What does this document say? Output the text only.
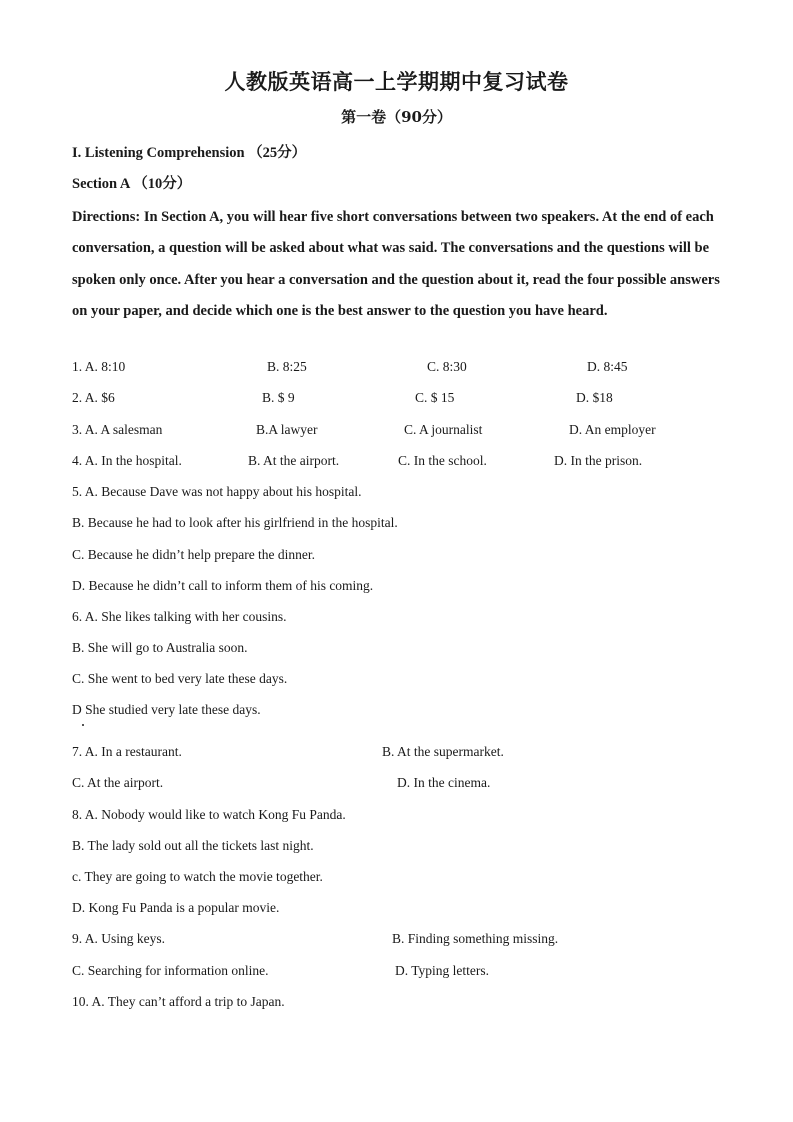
人教版英语高一上学期期中复习试卷
第一卷（90分）
I. Listening Comprehension （25分）
Section A （10分）
Directions: In Section A, you will hear five short conversations between two speakers. At the end of each conversation, a question will be asked about what was said. The conversations and the questions will be spoken only once. After you hear a conversation and the question about it, read the four possible answers on your paper, and decide which one is the best answer to the question you have heard.
1. A. 8:10	B. 8:25	C. 8:30	D. 8:45
2. A. $6	B. $ 9	C. $ 15	D. $18
3. A. A salesman	B.A lawyer	C. A journalist	D. An employer
4. A. In the hospital.	B. At the airport.	C. In the school.	D. In the prison.
5. A. Because Dave was not happy about his hospital.
B. Because he had to look after his girlfriend in the hospital.
C. Because he didn’t help prepare the dinner.
D. Because he didn’t call to inform them of his coming.
6. A. She likes talking with her cousins.
B. She will go to Australia soon.
C. She went to bed very late these days.
D She studied very late these days.
7. A. In a restaurant.	B. At the supermarket.
C. At the airport.	D. In the cinema.
8. A. Nobody would like to watch Kong Fu Panda.
B. The lady sold out all the tickets last night.
c. They are going to watch the movie together.
D. Kong Fu Panda is a popular movie.
9. A. Using keys.	B. Finding something missing.
C. Searching for information online.	D. Typing letters.
10. A. They can’t afford a trip to Japan.
